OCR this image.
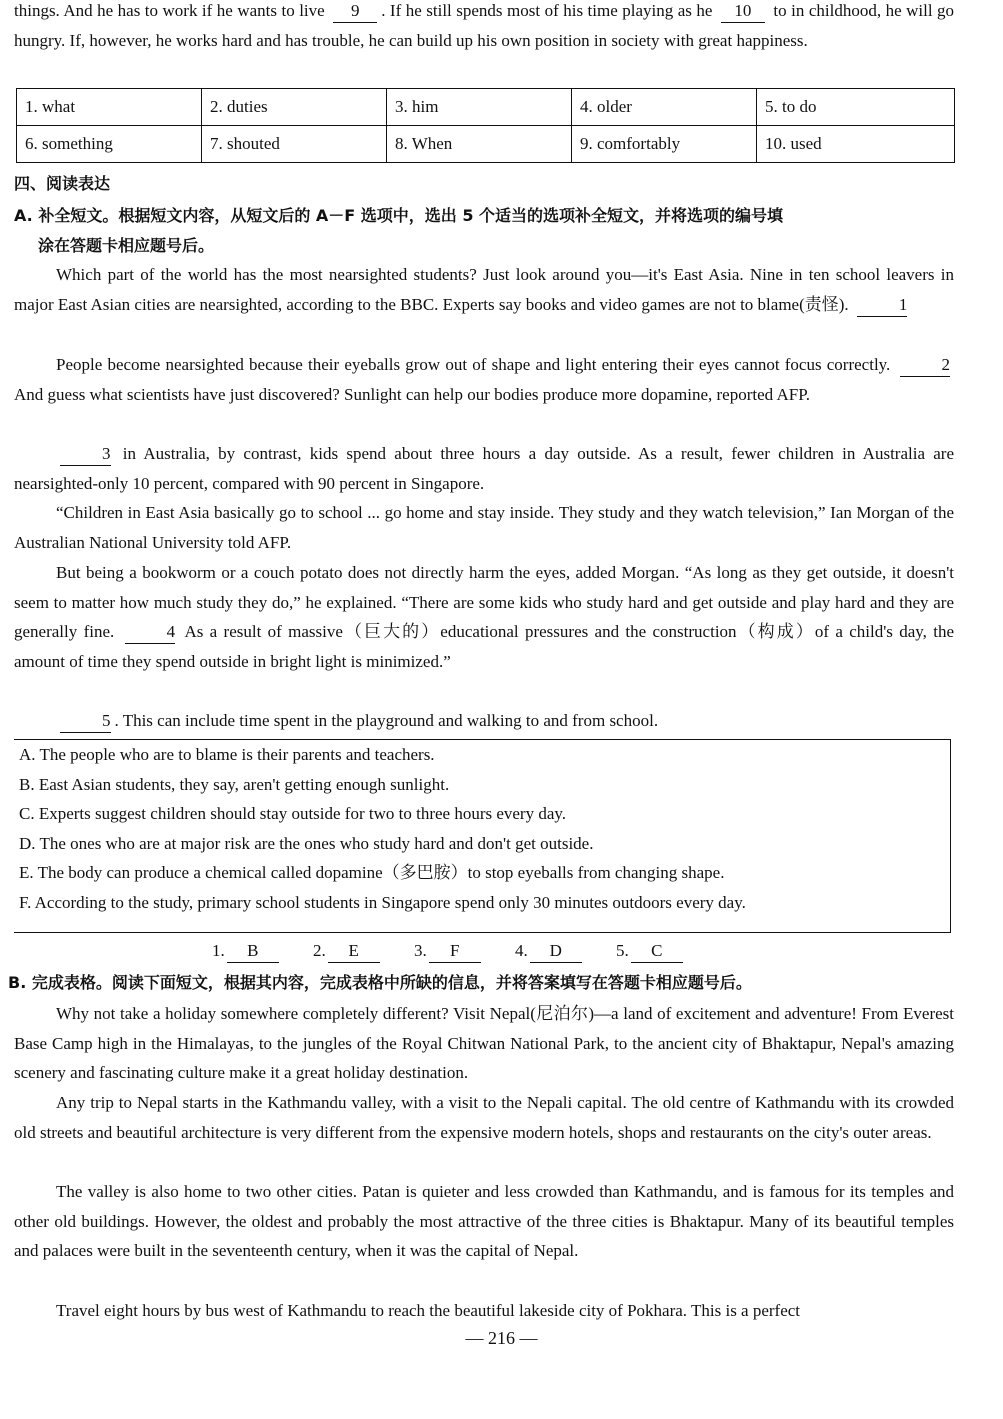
things. And he has to work if he wants to live 9 . If he still spends most of his time playing as he 10 to in childhood, he will go hungry. If, however, he works hard and has trouble, he can build up his own position in society with great happiness.

1. what	2. duties	3. him	4. older	5. to do
6. something	7. shouted	8. When	9. comfortably	10. used

四、阅读表达

A. 补全短文。根据短文内容，从短文后的 A－F 选项中，选出 5 个适当的选项补全短文，并将选项的编号填
涂在答题卡相应题号后。

Which part of the world has the most nearsighted students? Just look around you—it's East Asia. Nine in ten school leavers in major East Asian cities are nearsighted, according to the BBC. Experts say books and video games are not to blame(责怪).	1

People become nearsighted because their eyeballs grow out of shape and light entering their eyes cannot focus correctly.	2 And guess what scientists have just discovered? Sunlight can help our bodies produce more dopamine, reported AFP.

3 in Australia, by contrast, kids spend about three hours a day outside. As a result, fewer children in Australia are nearsighted-only 10 percent, compared with 90 percent in Singapore.

“Children in East Asia basically go to school ... go home and stay inside. They study and they watch television,” Ian Morgan of the Australian National University told AFP.

But being a bookworm or a couch potato does not directly harm the eyes, added Morgan. “As long as they get outside, it doesn't seem to matter how much study they do,” he explained. “There are some kids who study hard and get outside and play hard and they are generally fine.	4 As a result of massive（巨大的）educational pressures and the construction（构成）of a child's day, the amount of time they spend outside in bright light is minimized.”

5 . This can include time spent in the playground and walking to and from school.

A. The people who are to blame is their parents and teachers.

B. East Asian students, they say, aren't getting enough sunlight.

C. Experts suggest children should stay outside for two to three hours every day.

D. The ones who are at major risk are the ones who study hard and don't get outside.

E. The body can produce a chemical called dopamine（多巴胺）to stop eyeballs from changing shape.

F. According to the study, primary school students in Singapore spend only 30 minutes outdoors every day.

1. B	2. E	3. F	4. D	5. C

B. 完成表格。阅读下面短文，根据其内容，完成表格中所缺的信息，并将答案填写在答题卡相应题号后。

Why not take a holiday somewhere completely different? Visit Nepal(尼泊尔)—a land of excitement and adventure! From Everest Base Camp high in the Himalayas, to the jungles of the Royal Chitwan National Park, to the ancient city of Bhaktapur, Nepal's amazing scenery and fascinating culture make it a great holiday destination.

Any trip to Nepal starts in the Kathmandu valley, with a visit to the Nepali capital. The old centre of Kathmandu with its crowded old streets and beautiful architecture is very different from the expensive modern hotels, shops and restaurants on the city's outer areas.

The valley is also home to two other cities. Patan is quieter and less crowded than Kathmandu, and is famous for its temples and other old buildings. However, the oldest and probably the most attractive of the three cities is Bhaktapur. Many of its beautiful temples and palaces were built in the seventeenth century, when it was the capital of Nepal.

Travel eight hours by bus west of Kathmandu to reach the beautiful lakeside city of Pokhara. This is a perfect

— 216 —
